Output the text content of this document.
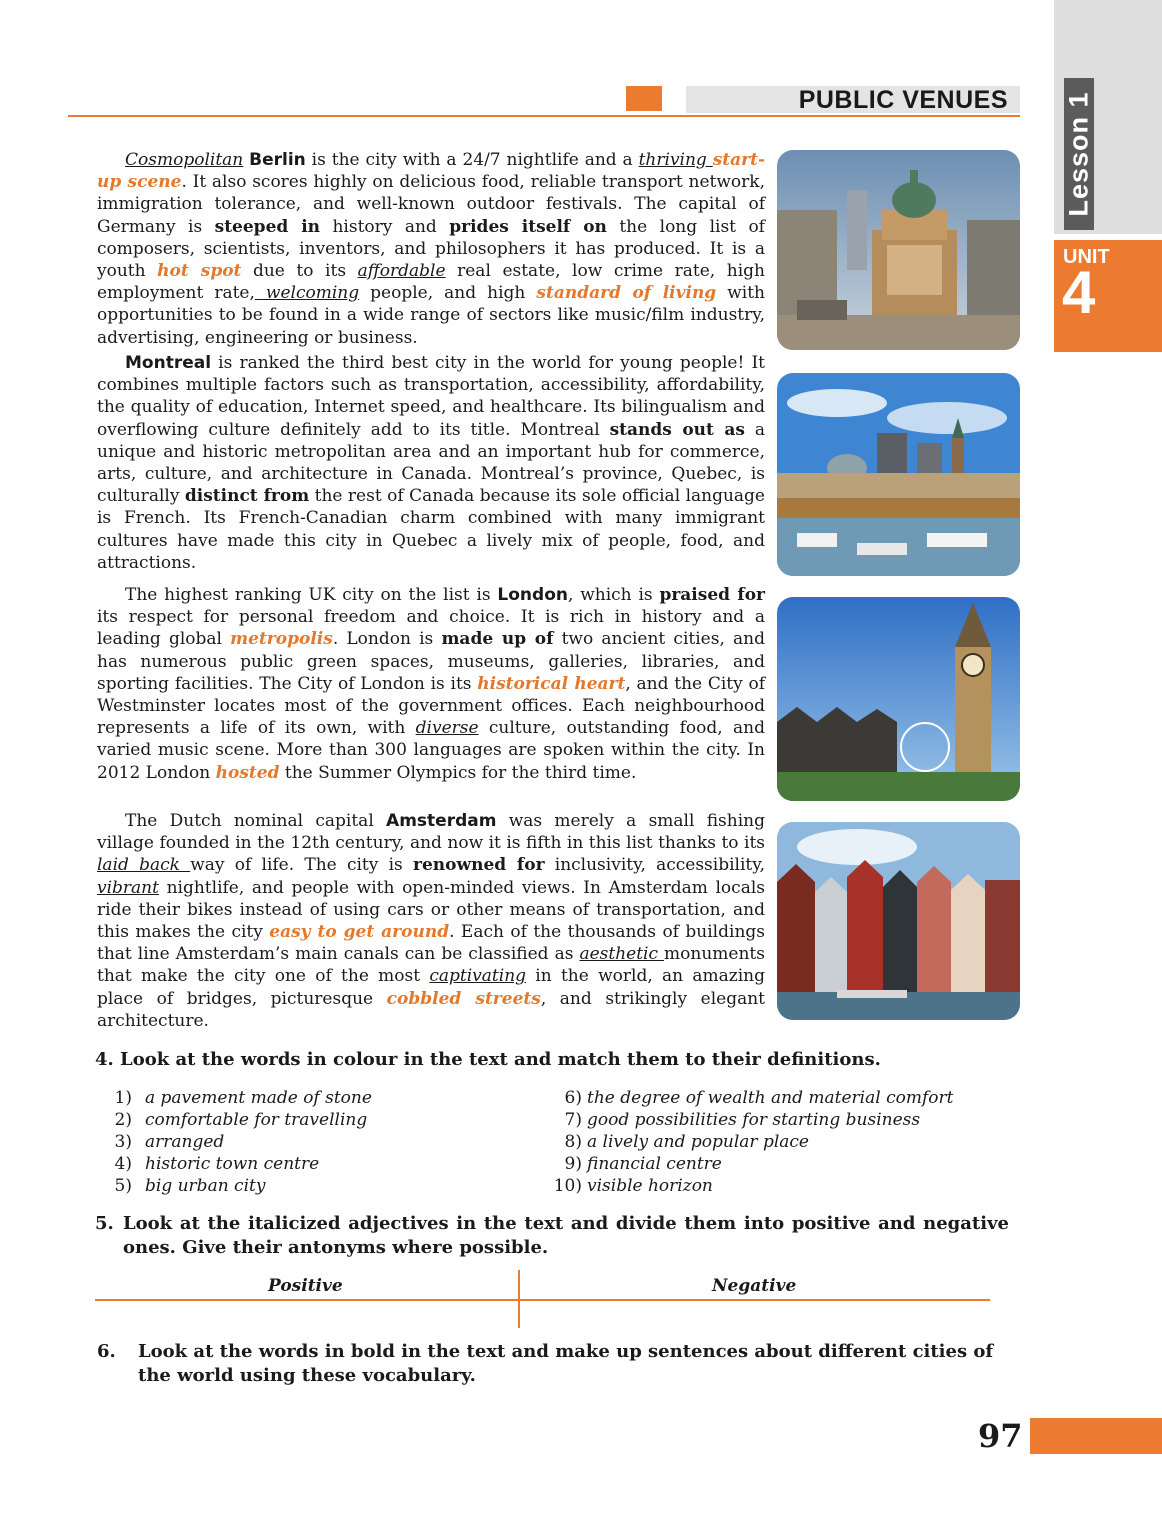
PUBLIC VENUES	Lesson 1
UNIT
4

Cosmopolitan Berlin is the city with a 24/7 nightlife and a thriving start-up scene. It also scores highly on delicious food, reliable transport network, immigration tolerance, and well-known outdoor festivals. The capital of Germany is steeped in history and prides itself on the long list of composers, scientists, inventors, and philosophers it has produced. It is a youth hot spot due to its affordable real estate, low crime rate, high employment rate, welcoming people, and high standard of living with opportunities to be found in a wide range of sectors like music/film industry, advertising, engineering or business.

Montreal is ranked the third best city in the world for young people! It combines multiple factors such as transportation, accessibility, affordability, the quality of education, Internet speed, and healthcare. Its bilingualism and overflowing culture definitely add to its title. Montreal stands out as a unique and historic metropolitan area and an important hub for commerce, arts, culture, and architecture in Canada. Montreal’s province, Quebec, is culturally distinct from the rest of Canada because its sole official language is French. Its French-Canadian charm combined with many immigrant cultures have made this city in Quebec a lively mix of people, food, and attractions.

The highest ranking UK city on the list is London, which is praised for its respect for personal freedom and choice. It is rich in history and a leading global metropolis. London is made up of two ancient cities, and has numerous public green spaces, museums, galleries, libraries, and sporting facilities. The City of London is its historical heart, and the City of Westminster locates most of the government offices. Each neighbourhood represents a life of its own, with diverse culture, outstanding food, and varied music scene. More than 300 languages are spoken within the city. In 2012 London hosted the Summer Olympics for the third time.

The Dutch nominal capital Amsterdam was merely a small fishing village founded in the 12th century, and now it is fifth in this list thanks to its laid back way of life. The city is renowned for inclusivity, accessibility, vibrant nightlife, and people with open-minded views. In Amsterdam locals ride their bikes instead of using cars or other means of transportation, and this makes the city easy to get around. Each of the thousands of buildings that line Amsterdam’s main canals can be classified as aesthetic monuments that make the city one of the most captivating in the world, an amazing place of bridges, picturesque cobbled streets, and strikingly elegant architecture.

4. Look at the words in colour in the text and match them to their definitions.

1) a pavement made of stone
2) comfortable for travelling
3) arranged
4) historic town centre
5) big urban city
6) the degree of wealth and material comfort
7) good possibilities for starting business
8) a lively and popular place
9) financial centre
10) visible horizon
5. Look at the italicized adjectives in the text and divide them into positive and negative ones. Give their antonyms where possible.
Positive	Negative
6. Look at the words in bold in the text and make up sentences about different cities of the world using these vocabulary.
97
